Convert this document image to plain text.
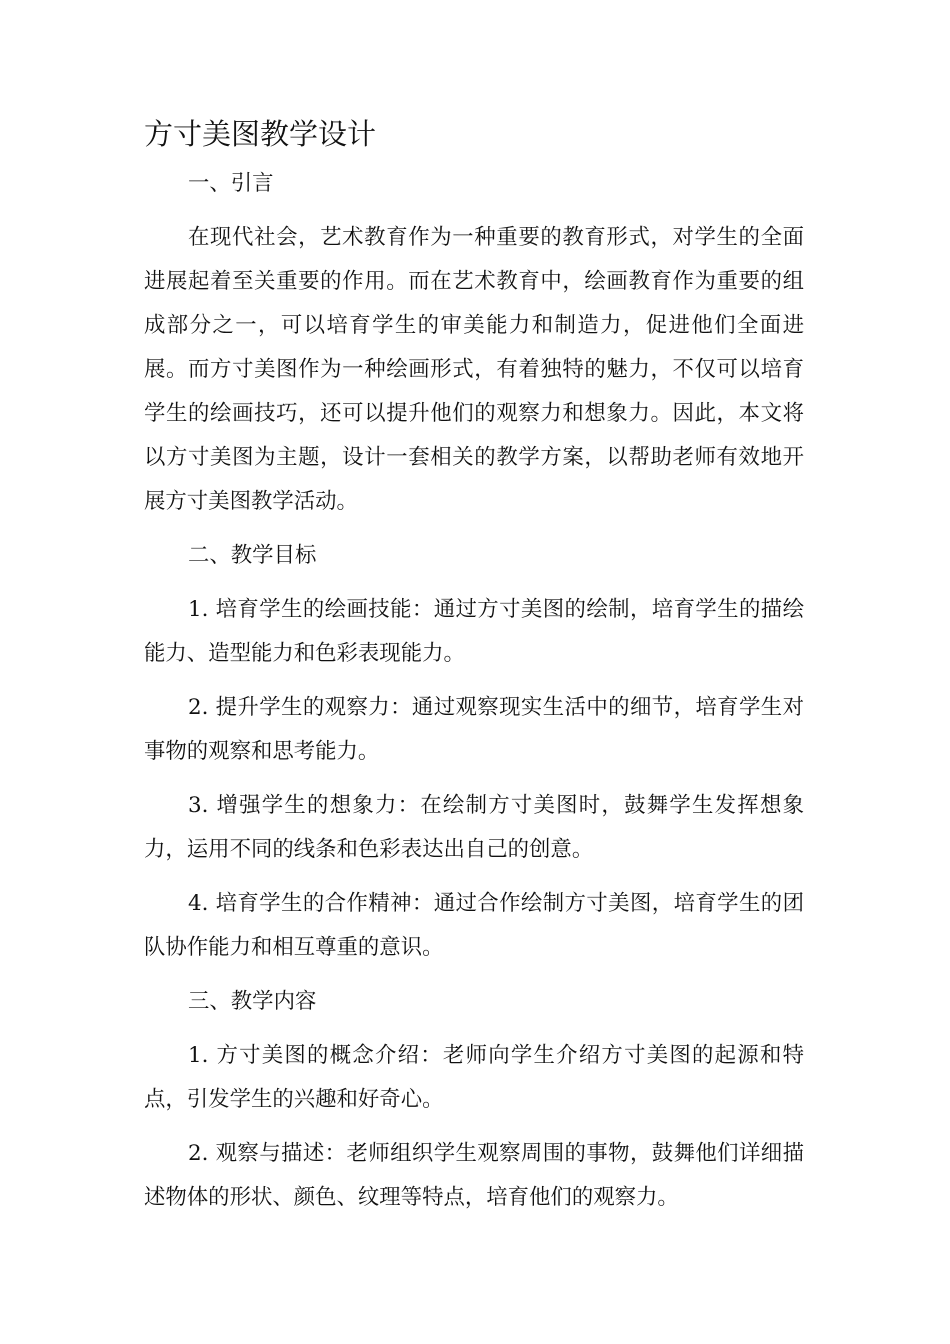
方寸美图教学设计

一、引言

在现代社会，艺术教育作为一种重要的教育形式，对学生的全面进展起着至关重要的作用。而在艺术教育中，绘画教育作为重要的组成部分之一，可以培育学生的审美能力和制造力，促进他们全面进展。而方寸美图作为一种绘画形式，有着独特的魅力，不仅可以培育学生的绘画技巧，还可以提升他们的观察力和想象力。因此，本文将以方寸美图为主题，设计一套相关的教学方案，以帮助老师有效地开展方寸美图教学活动。

二、教学目标

1. 培育学生的绘画技能：通过方寸美图的绘制，培育学生的描绘能力、造型能力和色彩表现能力。

2. 提升学生的观察力：通过观察现实生活中的细节，培育学生对事物的观察和思考能力。

3. 增强学生的想象力：在绘制方寸美图时，鼓舞学生发挥想象力，运用不同的线条和色彩表达出自己的创意。

4. 培育学生的合作精神：通过合作绘制方寸美图，培育学生的团队协作能力和相互尊重的意识。

三、教学内容

1. 方寸美图的概念介绍：老师向学生介绍方寸美图的起源和特点，引发学生的兴趣和好奇心。

2. 观察与描述：老师组织学生观察周围的事物，鼓舞他们详细描述物体的形状、颜色、纹理等特点，培育他们的观察力。
